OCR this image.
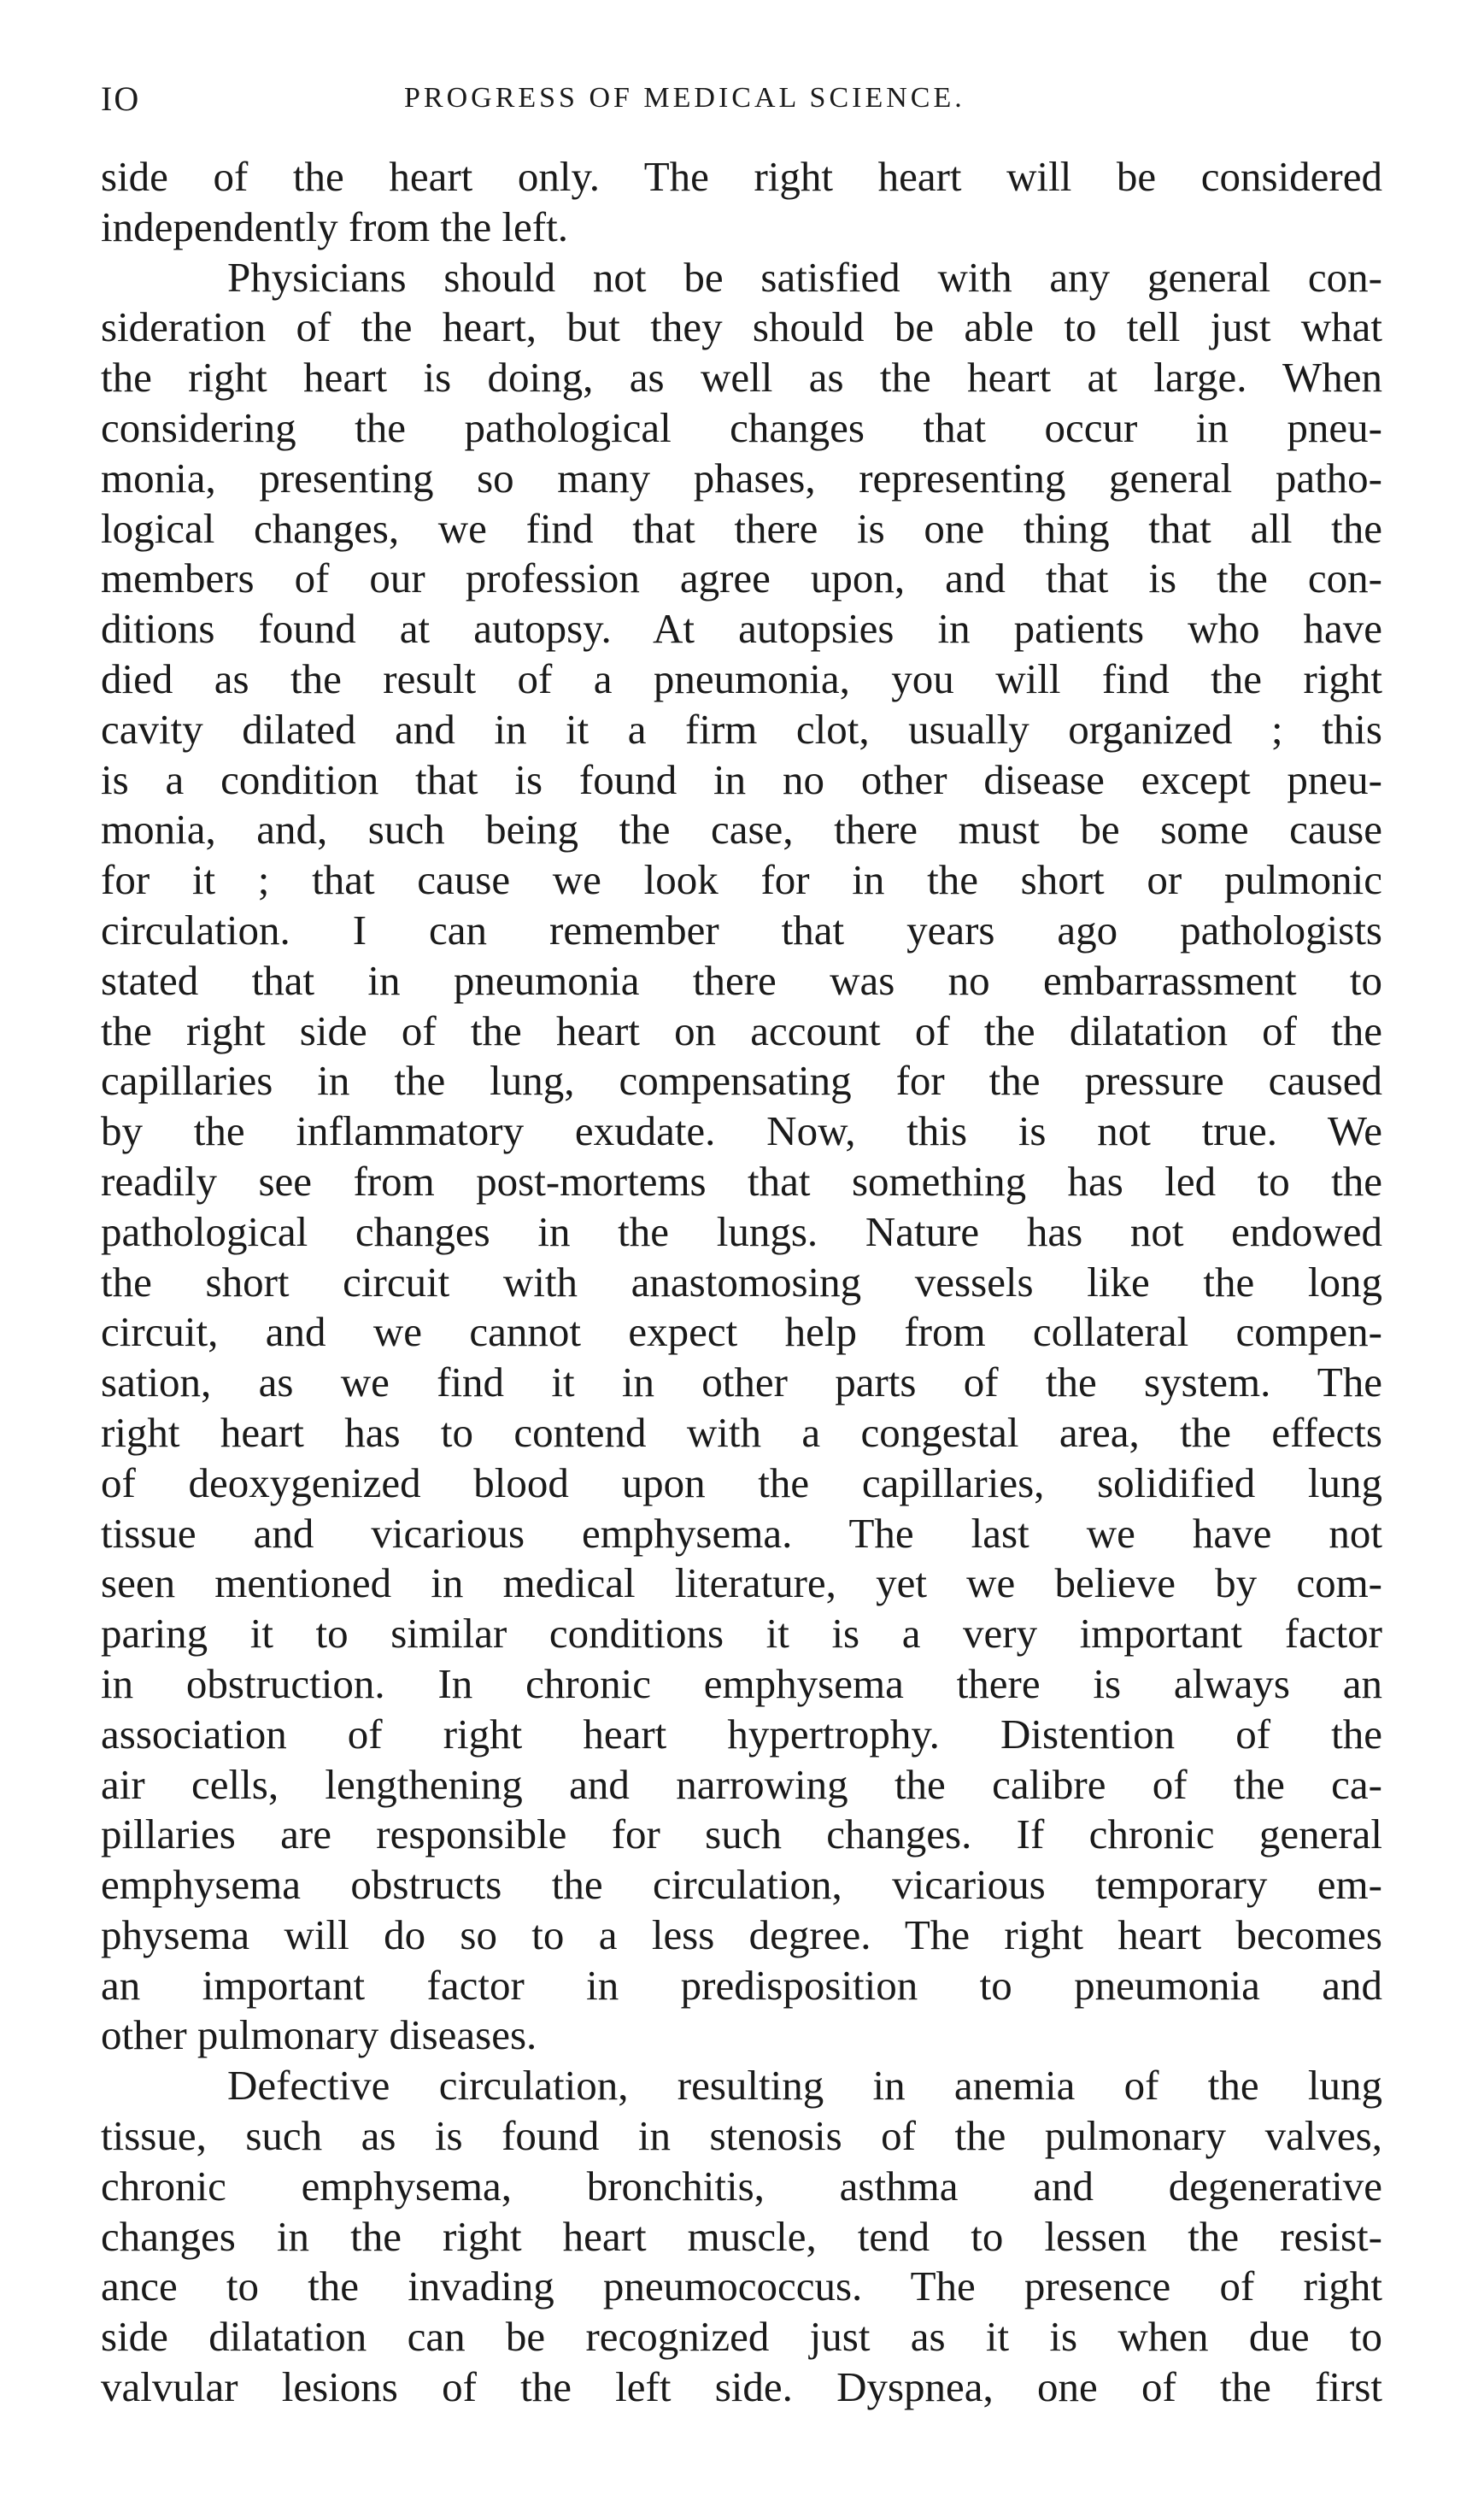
IO	PROGRESS OF MEDICAL SCIENCE.
side of the heart only. The right heart will be considered
independently from the left.
Physicians should not be satisfied with any general con-
sideration of the heart, but they should be able to tell just what
the right heart is doing, as well as the heart at large. When
considering the pathological changes that occur in pneu-
monia, presenting so many phases, representing general patho-
logical changes, we find that there is one thing that all the
members of our profession agree upon, and that is the con-
ditions found at autopsy. At autopsies in patients who have
died as the result of a pneumonia, you will find the right
cavity dilated and in it a firm clot, usually organized ; this
is a condition that is found in no other disease except pneu-
monia, and, such being the case, there must be some cause
for it ; that cause we look for in the short or pulmonic
circulation. I can remember that years ago pathologists
stated that in pneumonia there was no embarrassment to
the right side of the heart on account of the dilatation of the
capillaries in the lung, compensating for the pressure caused
by the inflammatory exudate. Now, this is not true. We
readily see from post-mortems that something has led to the
pathological changes in the lungs. Nature has not endowed
the short circuit with anastomosing vessels like the long
circuit, and we cannot expect help from collateral compen-
sation, as we find it in other parts of the system. The
right heart has to contend with a congestal area, the effects
of deoxygenized blood upon the capillaries, solidified lung
tissue and vicarious emphysema. The last we have not
seen mentioned in medical literature, yet we believe by com-
paring it to similar conditions it is a very important factor
in obstruction. In chronic emphysema there is always an
association of right heart hypertrophy. Distention of the
air cells, lengthening and narrowing the calibre of the ca-
pillaries are responsible for such changes. If chronic general
emphysema obstructs the circulation, vicarious temporary em-
physema will do so to a less degree. The right heart becomes
an important factor in predisposition to pneumonia and
other pulmonary diseases.
Defective circulation, resulting in anemia of the lung
tissue, such as is found in stenosis of the pulmonary valves,
chronic emphysema, bronchitis, asthma and degenerative
changes in the right heart muscle, tend to lessen the resist-
ance to the invading pneumococcus. The presence of right
side dilatation can be recognized just as it is when due to
valvular lesions of the left side. Dyspnea, one of the first
